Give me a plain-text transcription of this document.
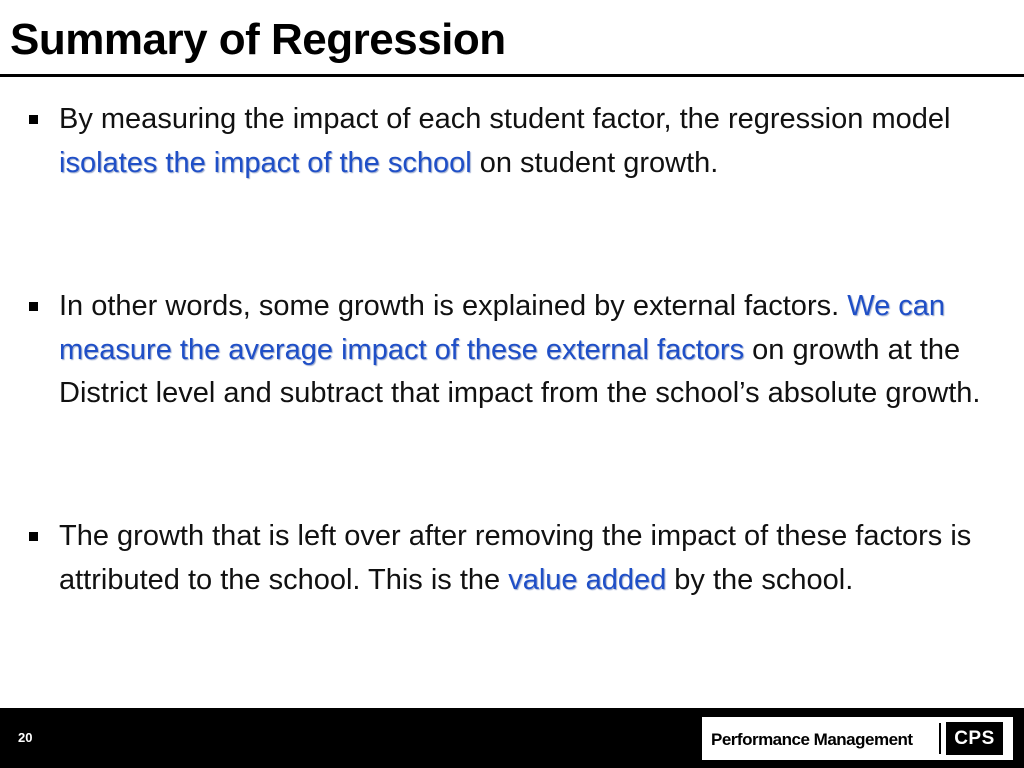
Summary of Regression
By measuring the impact of each student factor, the regression model isolates the impact of the school on student growth.
In other words, some growth is explained by external factors. We can measure the average impact of these external factors on growth at the District level and subtract that impact from the school’s absolute growth.
The growth that is left over after removing the impact of these factors is attributed to the school. This is the value added by the school.
20	Performance Management	CPS
